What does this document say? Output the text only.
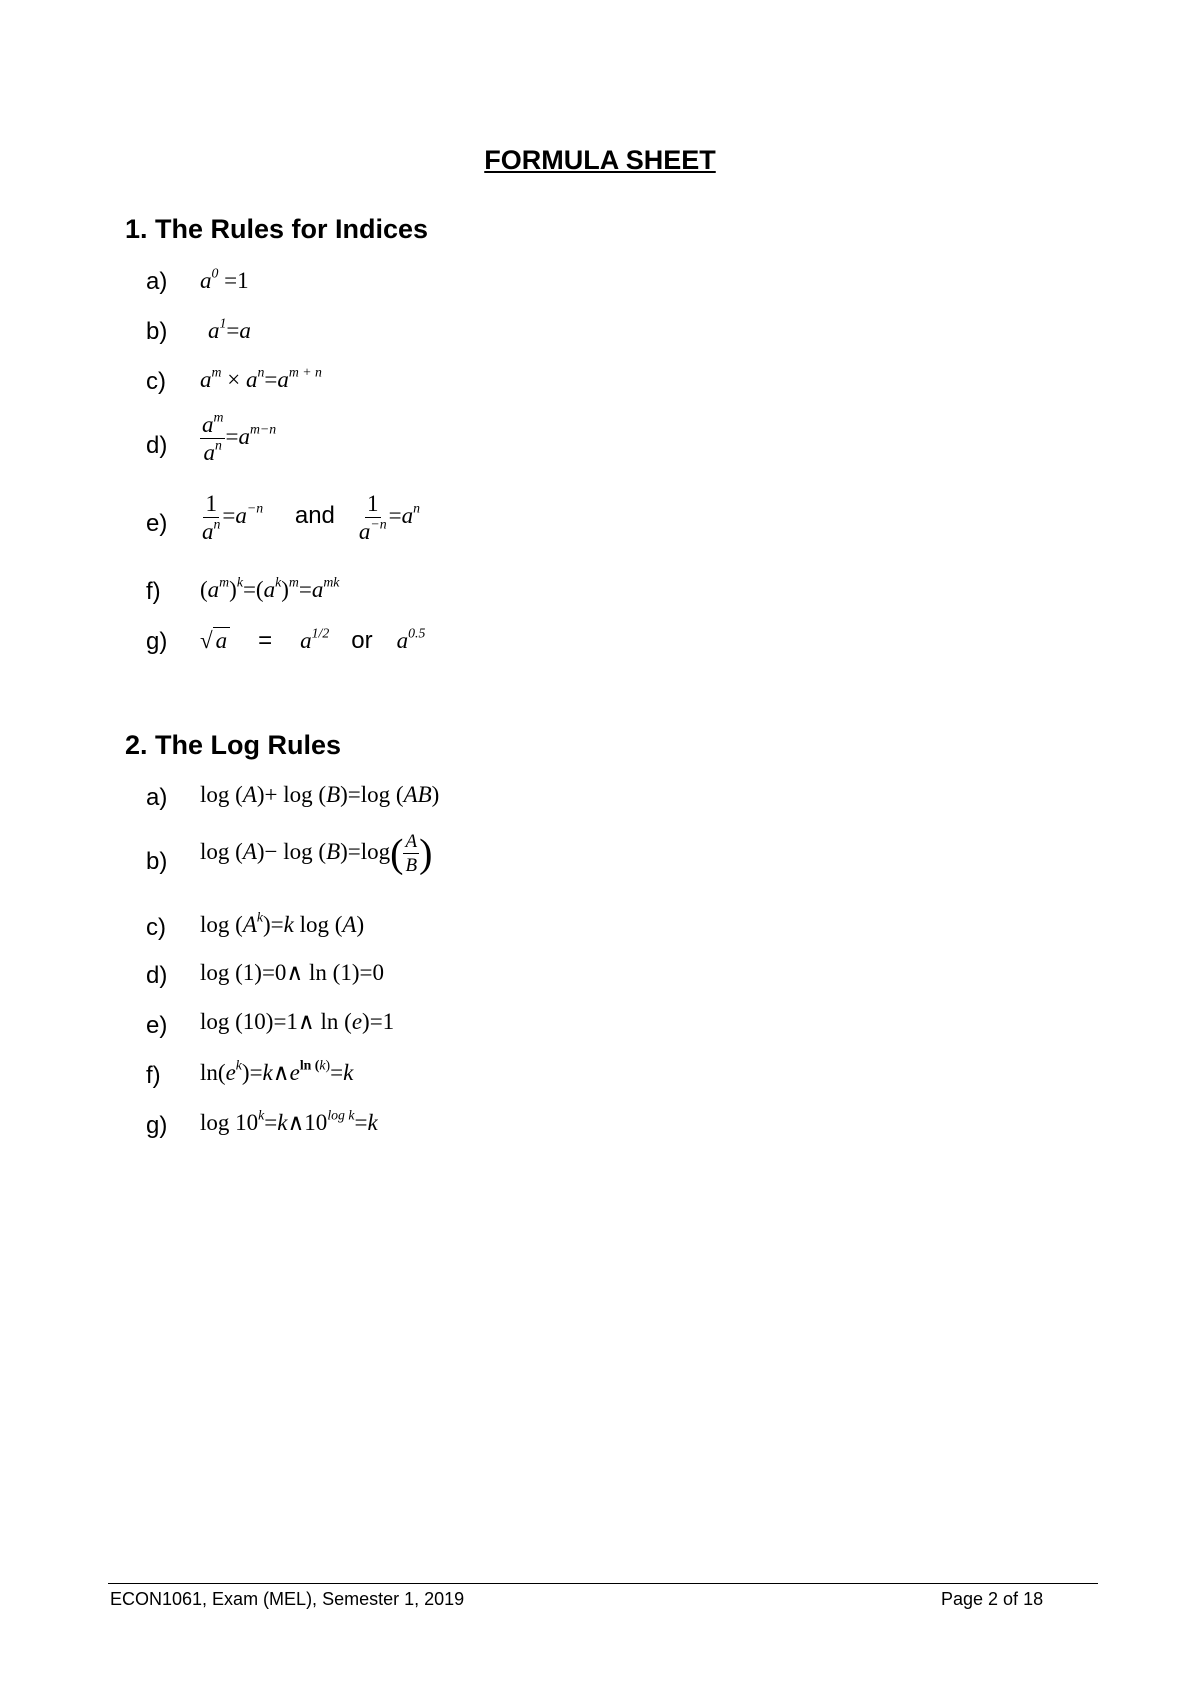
FORMULA SHEET
1. The Rules for Indices
a) $a^0 =1$
b) $a^1=a$
c) $a^m \times a^n=a^{m + n}$
$d) \frac{a^m}{a^n} =a^{m-n}$
$e) \frac{1}{a^n} =a^{-n}$ and $\frac{1}{a^{-n}} =a^n$
f) $(a^m)^k=(a^k)^m=a^{mk}$
g) √ $a = a^{1/2}$ or $a^{0.5}$
2. The Log Rules
a) log (A)+ log (B)=log (AB)
b) $\log (A)- \log (B)=\log( \frac{A}{B}$ )
c) $\log (A^k)=k$ log (A)
d) log (1)=0∧ ln (1)=0
e) log (10)=1∧ ln (e)=1
f) $\ln(e^k)=k\wedge e^{ln (k)}=k$
g) $\log 10^k=k\wedge 10^{log k}=k$
ECON1061, Exam (MEL), Semester 1, 2019	Page 2 of 18
